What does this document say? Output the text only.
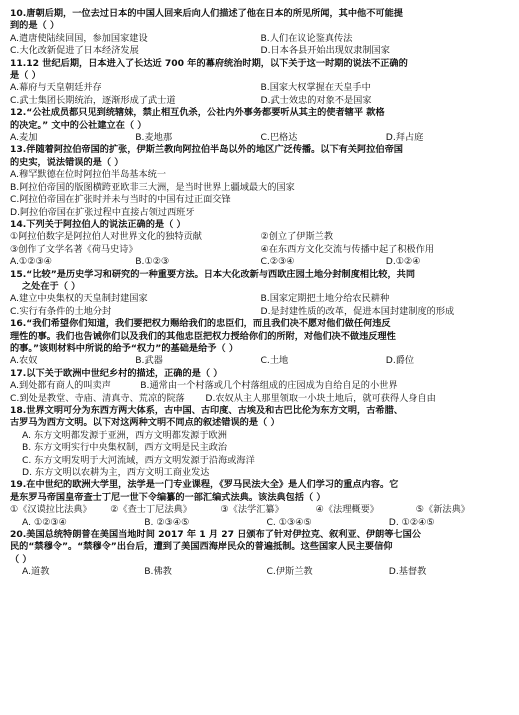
10.唐朝后期，一位去过日本的中国人回来后向人们描述了他在日本的所见所闻，其中他不可能提
到的是（ ）
A.遣唐使陆续回国，参加国家建设	B.人们在议论鉴真传法
C.大化改新促进了日本经济发展	D.日本各县开始出现奴隶制国家
11.12 世纪后期，日本进入了长达近 700 年的幕府统治时期，以下关于这一时期的说法不正确的
是（ ）
A.幕府与天皇朝廷并存	B.国家大权掌握在天皇手中
C.武士集团长期统治，逐渐形成了武士道	D.武士效忠的对象不是国家
12.“公社成员都只见到统辖妹，禁止相互仇杀，公社内外事务都要听从其主的使者辖平 款格
的决定。” 文中的公社建立在（ ）
A.麦加	B.麦地那	C.巴格达	D.拜占庭
13.伴随着阿拉伯帝国的扩张，伊斯兰教向阿拉伯半岛以外的地区广泛传播。以下有关阿拉伯帝国
的史实，说法错误的是（ ）
A.穆罕默德在位时阿拉伯半岛基本统一
B.阿拉伯帝国的版图横跨亚欧非三大洲，是当时世界上疆域最大的国家
C.阿拉伯帝国在扩张时并未与当时的中国有过正面交锋
D.阿拉伯帝国在扩张过程中直接占领过西班牙
14.下列关于阿拉伯人的说法正确的是（ ）
①阿拉伯数字是阿拉伯人对世界文化的独特贡献	②创立了伊斯兰教
③创作了文学名著《荷马史诗》	④在东西方文化交流与传播中起了积极作用
A.①②③④	B.①②③	C.②③④	D.①②④
15.“比较”是历史学习和研究的一种重要方法。日本大化改新与西欧庄园土地分封制度相比较，共同
之处在于（ ）
A.建立中央集权的天皇制封建国家	B.国家定期把土地分给农民耕种
C.实行有条件的土地分封	D.是封建性质的改革，促进本国封建制度的形成
16.“我们希望你们知道，我们要把权力赐给我们的忠臣们，而且我们决不愿对他们做任何违反
理性的事。我们也告诫你们以及我们的其他忠臣把权力授给你们的所附，对他们决不做违反理性
的事。”该则材料中所说的给予“权力”的基础是给予（ ）
A.农奴	B.武器	C.土地	D.爵位
17.以下关于欧洲中世纪乡村的描述，正确的是（ ）
A.到处都有商人的叫卖声	B.通常由一个村落或几个村落组成的庄园成为自给自足的小世界
C.到处是教堂、寺庙、清真寺、荒凉的院落	D.农奴从主人那里领取一小块土地后，就可获得人身自由
18.世界文明可分为东西方两大体系，古中国、古印度、古埃及和古巴比伦为东方文明，古希腊、
古罗马为西方文明。以下对这两种文明不同点的叙述错误的是（ ）
A. 东方文明都发源于亚洲，西方文明都发源于欧洲
B. 东方文明实行中央集权制，西方文明是民主政治
C. 东方文明发明于大河流域，西方文明发源于沿海或海洋
D. 东方文明以农耕为主，西方文明工商业发达
19.在中世纪的欧洲大学里，法学是一门专业课程，《罗马民法大全》是人们学习的重点内容。它
是东罗马帝国皇帝查士丁尼一世下令编纂的一部汇编式法典。该法典包括（ ）
①《汉谟拉比法典》	②《查士丁尼法典》	③《法学汇纂》	④《法理概要》	⑤《新法典》
A. ①②③④	B. ②③④⑤	C. ①③④⑤	D. ①②④⑤
20.美国总统特朗普在美国当地时间 2017 年 1 月 27 日颁布了针对伊拉克、叙利亚、伊朗等七国公
民的“禁穆令”。“禁穆令”出台后，遭到了美国西海岸民众的普遍抵制。这些国家人民主要信仰
（ ）
A.道教	B.佛教	C.伊斯兰教	D.基督教
